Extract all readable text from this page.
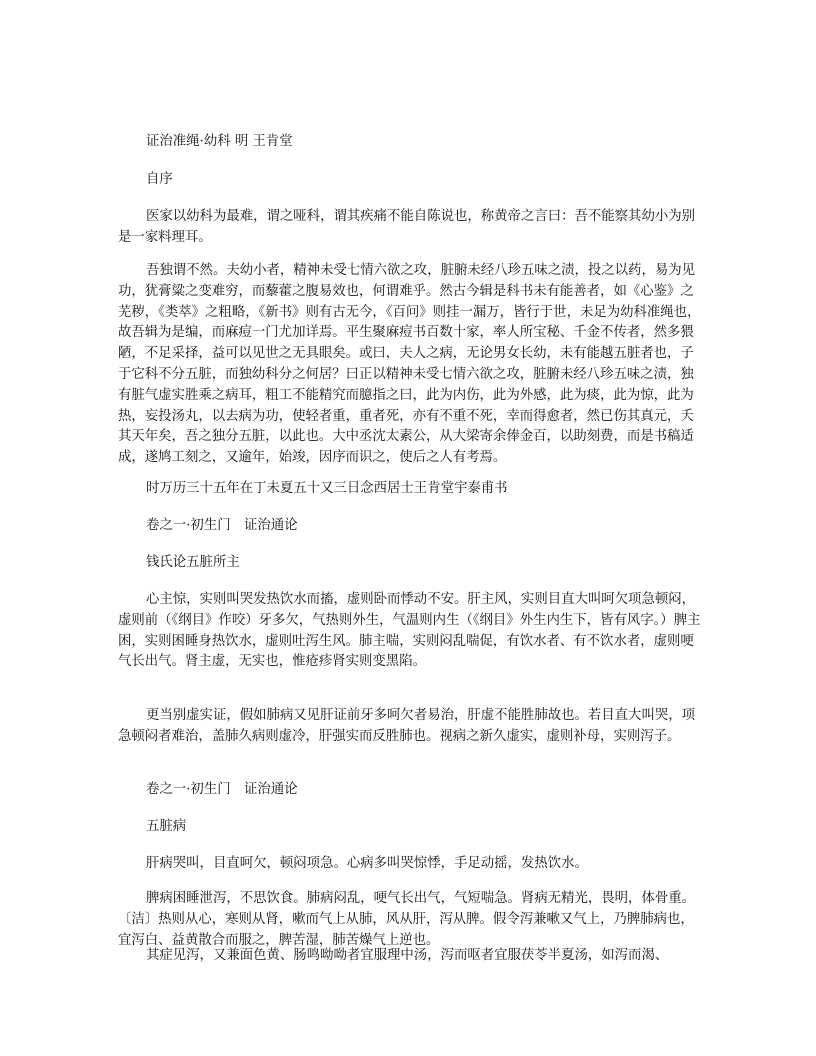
证治准绳·幼科 明 王肯堂

自序

医家以幼科为最难，谓之哑科，谓其疾痛不能自陈说也，称黄帝之言曰：吾不能察其幼小为别是一家料理耳。

吾独谓不然。夫幼小者，精神未受七情六欲之攻，脏腑未经八珍五味之渍，投之以药，易为见功，犹膏粱之变难穷，而藜藿之腹易效也，何谓难乎。然古今辑是科书未有能善者，如《心鉴》之芜秽，《类萃》之粗略，《新书》则有古无今，《百问》则挂一漏万，皆行于世，未足为幼科准绳也，故吾辑为是编，而麻痘一门尤加详焉。平生聚麻痘书百数十家，率人所宝秘、千金不传者，然多猥陋，不足采择，益可以见世之无具眼矣。或曰，夫人之病，无论男女长幼，未有能越五脏者也，子于它科不分五脏，而独幼科分之何居？曰正以精神未受七情六欲之攻，脏腑未经八珍五味之渍，独有脏气虚实胜乘之病耳，粗工不能精究而臆指之曰，此为内伤，此为外感，此为痰，此为惊，此为热，妄投汤丸，以去病为功，使轻者重，重者死，亦有不重不死，幸而得愈者，然已伤其真元，夭其天年矣，吾之独分五脏，以此也。大中丞沈太素公，从大梁寄余俸金百，以助刻费，而是书稿适成，遂鸠工刻之，又逾年，始竣，因序而识之，使后之人有考焉。

时万历三十五年在丁未夏五十又三日念西居士王肯堂宇泰甫书

卷之一·初生门　证治通论

钱氏论五脏所主

心主惊，实则叫哭发热饮水而搐，虚则卧而悸动不安。肝主风，实则目直大叫呵欠项急顿闷，虚则前（《纲目》作咬）牙多欠，气热则外生，气温则内生（《纲目》外生内生下，皆有风字。）脾主困，实则困睡身热饮水，虚则吐泻生风。肺主喘，实则闷乱喘促，有饮水者、有不饮水者，虚则哽气长出气。肾主虚，无实也，惟疮疹肾实则变黑陷。

更当别虚实证，假如肺病又见肝证前牙多呵欠者易治，肝虚不能胜肺故也。若目直大叫哭，项急顿闷者难治，盖肺久病则虚冷，肝强实而反胜肺也。视病之新久虚实，虚则补母，实则泻子。

卷之一·初生门　证治通论

五脏病

肝病哭叫，目直呵欠，顿闷项急。心病多叫哭惊悸，手足动摇，发热饮水。

脾病困睡泄泻，不思饮食。肺病闷乱，哽气长出气，气短喘急。肾病无精光，畏明，体骨重。〔洁〕热则从心，寒则从肾，嗽而气上从肺，风从肝，泻从脾。假令泻兼嗽又气上，乃脾肺病也，宜泻白、益黄散合而服之，脾苦湿，肺苦燥气上逆也。

其症见泻，又兼面色黄、肠鸣呦呦者宜服理中汤，泻而呕者宜服茯苓半夏汤，如泻而渴、
